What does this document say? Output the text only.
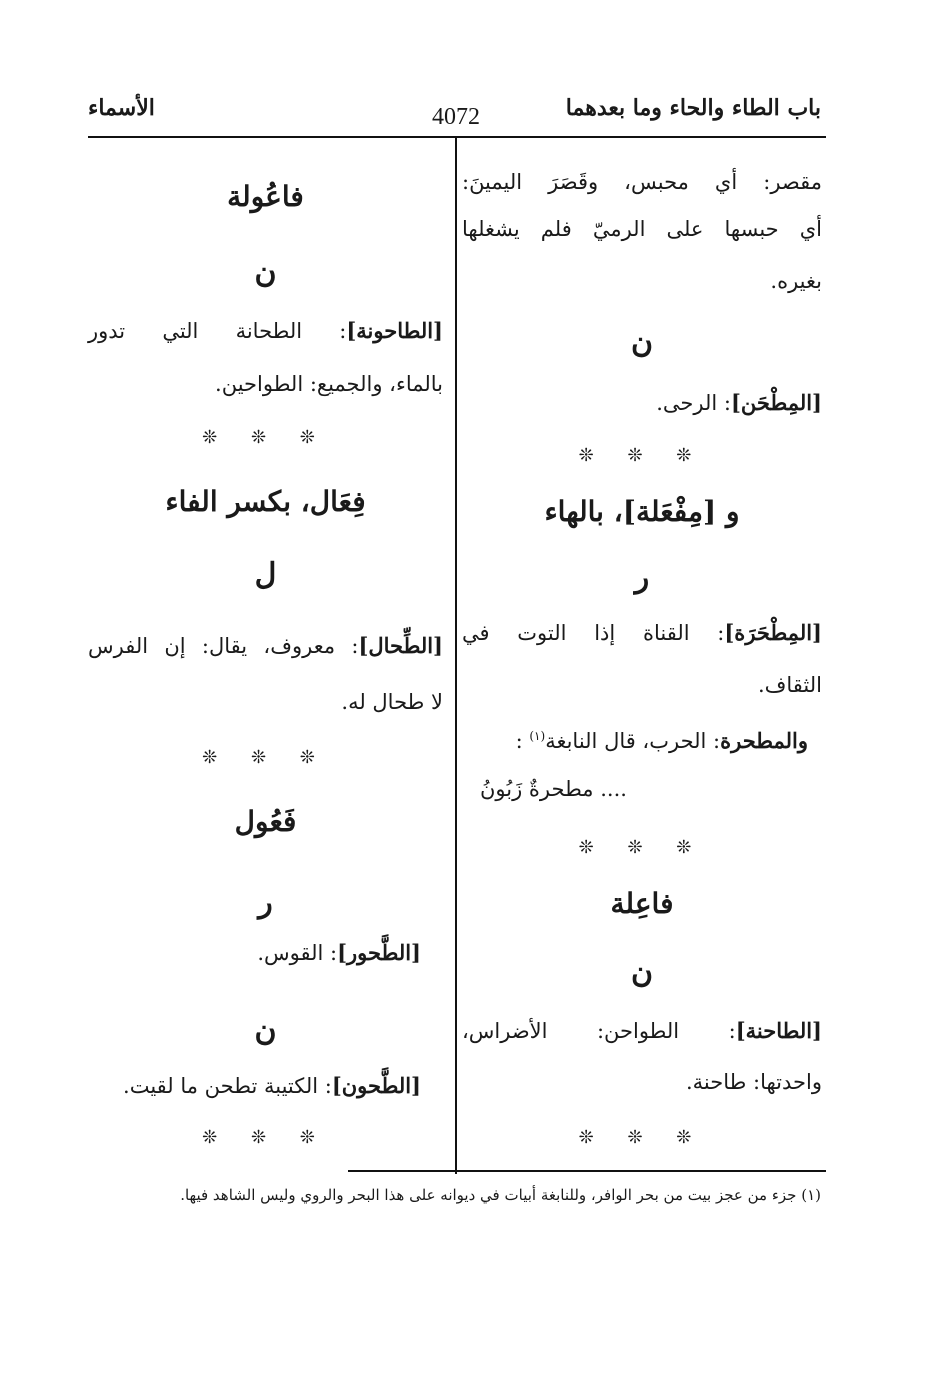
باب الطاء والحاء وما بعدهما
4072
الأسماء
مقصر: أي محبس، وقَصَرَ اليمينَ:
أي حبسها على الرميّ فلم يشغلها
بغيره.
ن
[المِطْحَن]: الرحى.
❊ ❊ ❊
و [مِفْعَلة]، بالهاء
ر
[المِطْحَرَة]: القناة إذا التوت في
الثقاف.
والمطحرة: الحرب، قال النابغة$^{(١)}$ :
.... مطحرةٌ زَبُونُ
❊ ❊ ❊
فاعِلة
ن
[الطاحنة]: الطواحن: الأضراس،
واحدتها: طاحنة.
❊ ❊ ❊
فاعُولة
ن
[الطاحونة]: الطحانة التي تدور
بالماء، والجميع: الطواحين.
❊ ❊ ❊
فِعَال، بكسر الفاء
ل
[الطِّحال]: معروف، يقال: إن الفرس
لا طحال له.
❊ ❊ ❊
فَعُول
ر
[الطَّحور]: القوس.
ن
[الطَّحون]: الكتيبة تطحن ما لقيت.
❊ ❊ ❊
(١) جزء من عجز بيت من بحر الوافر، وللنابغة أبيات في ديوانه على هذا البحر والروي وليس الشاهد فيها.
